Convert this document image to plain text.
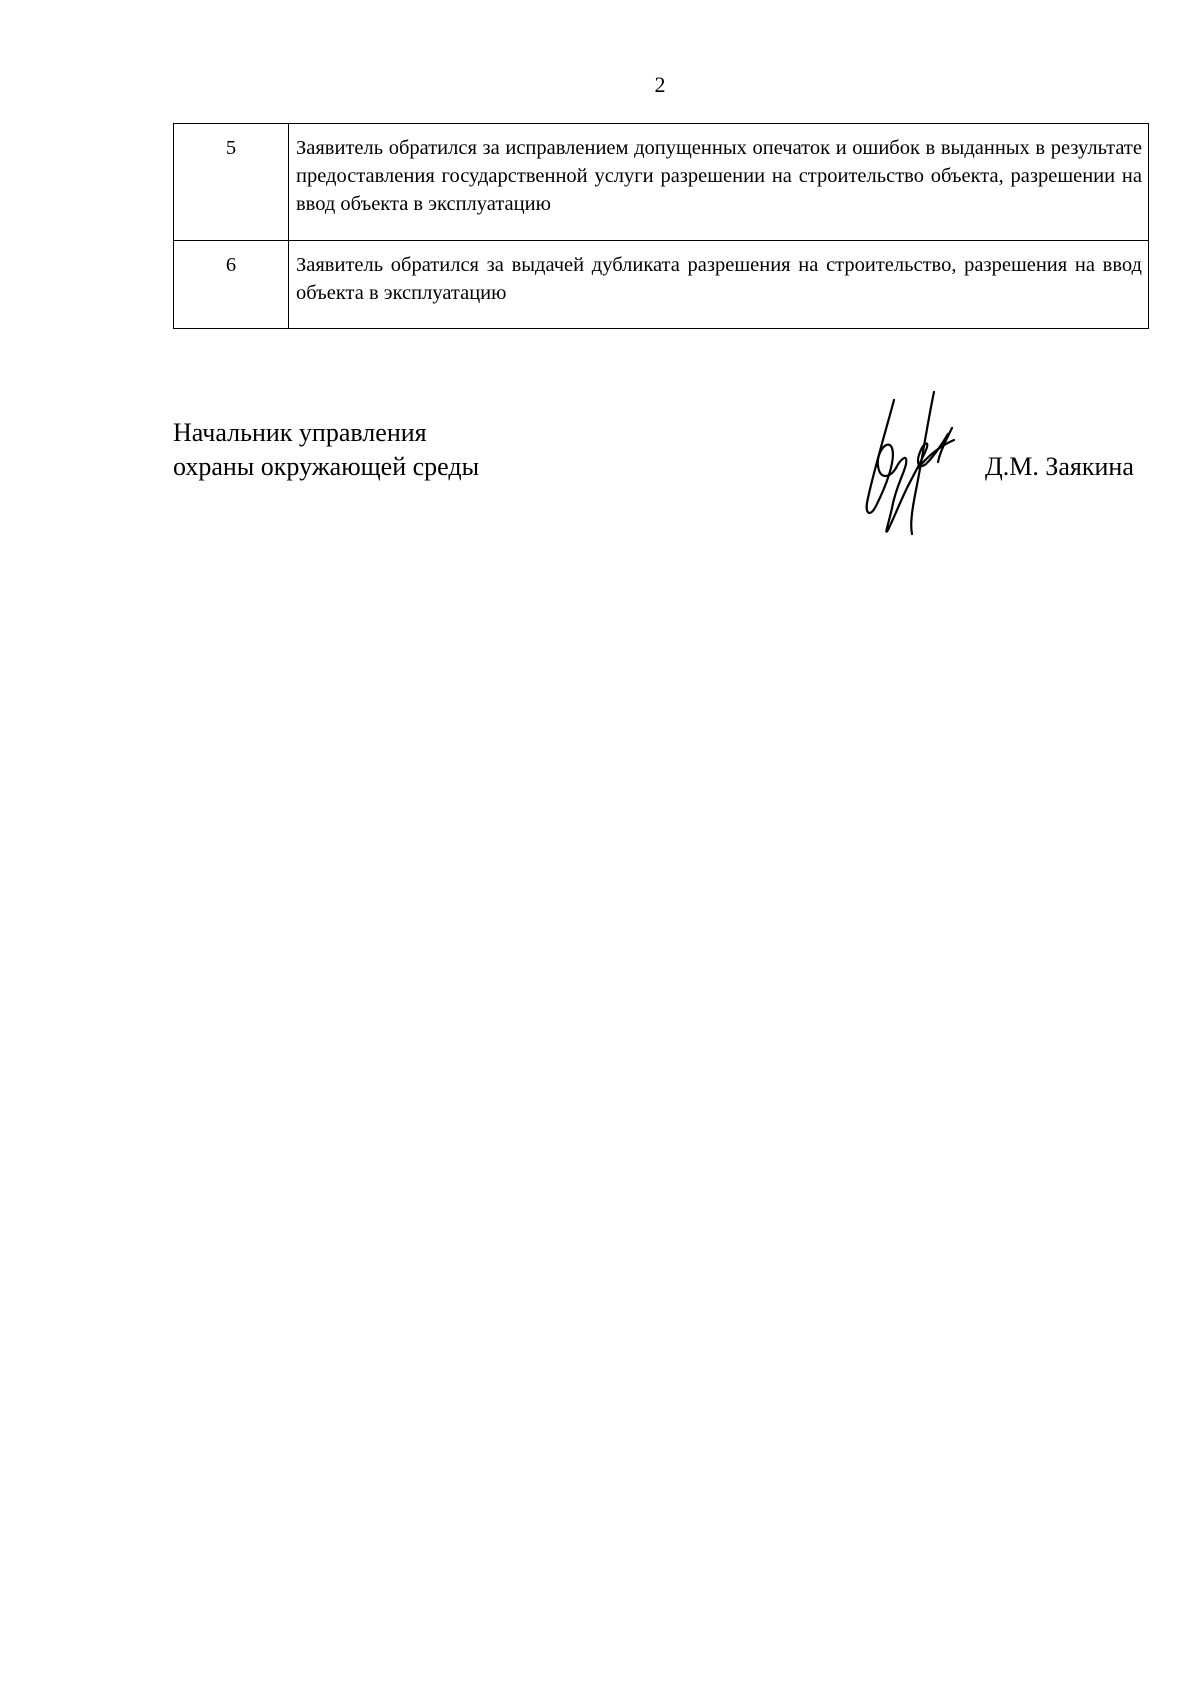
2
5	Заявитель обратился за исправлением допущенных опечаток и ошибок в выданных в результате предоставления государственной услуги разрешении на строительство объекта, разрешении на ввод объекта в эксплуатацию
6	Заявитель обратился за выдачей дубликата разрешения на строительство, разрешения на ввод объекта в эксплуатацию
Начальник управления
охраны окружающей среды	Д.М. Заякина
